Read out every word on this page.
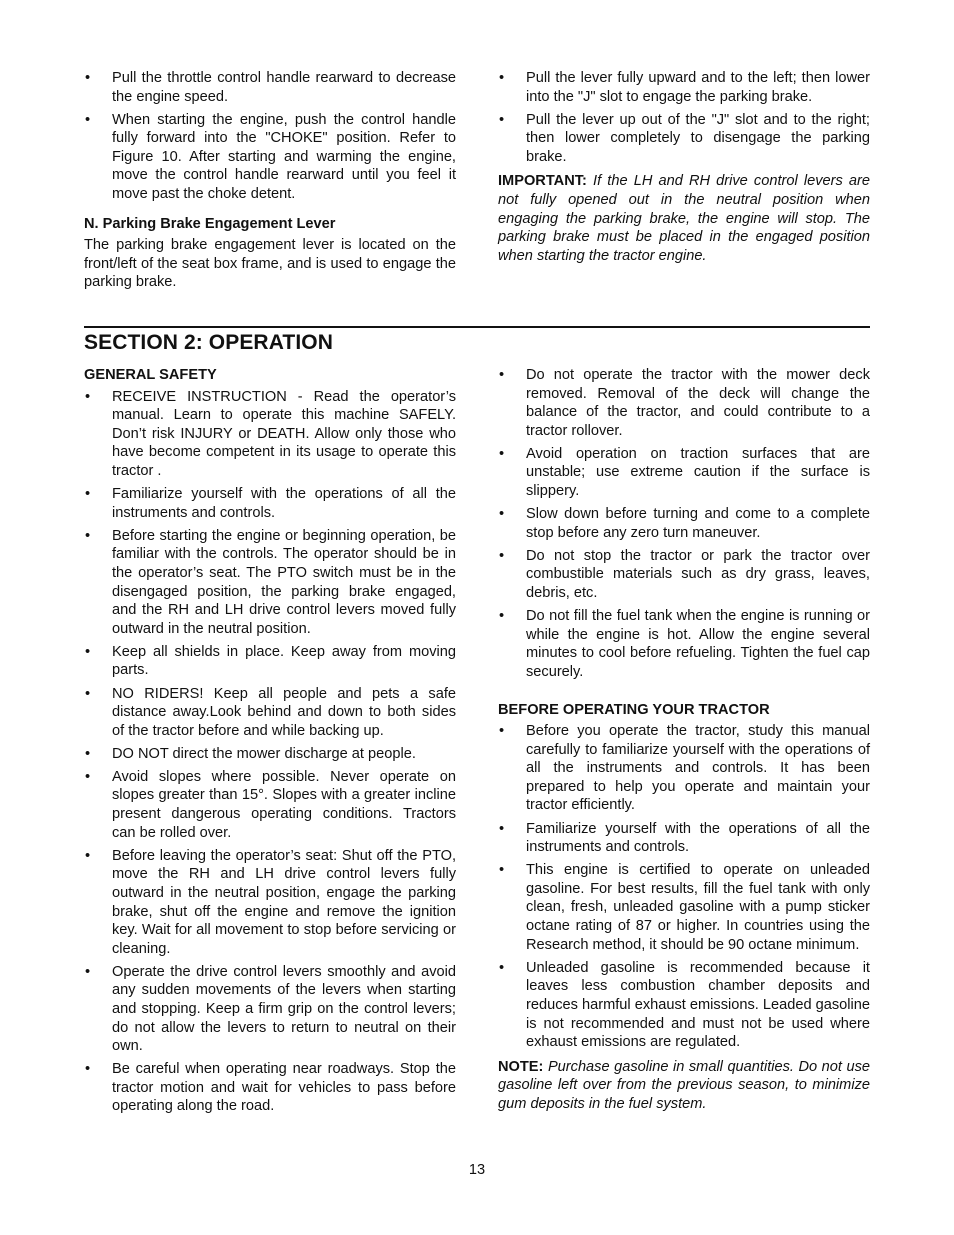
• Pull the throttle control handle rearward to decrease the engine speed.
• When starting the engine, push the control handle fully forward into the "CHOKE" position. Refer to Figure 10. After starting and warming the engine, move the control handle rearward until you feel it move past the choke detent.
N. Parking Brake Engagement Lever

The parking brake engagement lever is located on the front/left of the seat box frame, and is used to engage the parking brake.

• Pull the lever fully upward and to the left; then lower into the "J" slot to engage the parking brake.
• Pull the lever up out of the "J" slot and to the right; then lower completely to disengage the parking brake.

IMPORTANT: If the LH and RH drive control levers are not fully opened out in the neutral position when engaging the parking brake, the engine will stop. The parking brake must be placed in the engaged position when starting the tractor engine.

SECTION 2: OPERATION
GENERAL SAFETY
• RECEIVE INSTRUCTION - Read the operator’s manual. Learn to operate this machine SAFELY. Don’t risk INJURY or DEATH. Allow only those who have become competent in its usage to operate this tractor .
• Familiarize yourself with the operations of all the instruments and controls.
• Before starting the engine or beginning operation, be familiar with the controls. The operator should be in the operator’s seat. The PTO switch must be in the disengaged position, the parking brake engaged, and the RH and LH drive control levers moved fully outward in the neutral position.
• Keep all shields in place. Keep away from moving parts.
• NO RIDERS! Keep all people and pets a safe distance away.Look behind and down to both sides of the tractor before and while backing up.
• DO NOT direct the mower discharge at people.
• Avoid slopes where possible. Never operate on slopes greater than 15°. Slopes with a greater incline present dangerous operating conditions. Tractors can be rolled over.
• Before leaving the operator’s seat: Shut off the PTO, move the RH and LH drive control levers fully outward in the neutral position, engage the parking brake, shut off the engine and remove the ignition key. Wait for all movement to stop before servicing or cleaning.
• Operate the drive control levers smoothly and avoid any sudden movements of the levers when starting and stopping. Keep a firm grip on the control levers; do not allow the levers to return to neutral on their own.
• Be careful when operating near roadways. Stop the tractor motion and wait for vehicles to pass before operating along the road.
• Do not operate the tractor with the mower deck removed. Removal of the deck will change the balance of the tractor, and could contribute to a tractor rollover.
• Avoid operation on traction surfaces that are unstable; use extreme caution if the surface is slippery.
• Slow down before turning and come to a complete stop before any zero turn maneuver.
• Do not stop the tractor or park the tractor over combustible materials such as dry grass, leaves, debris, etc.
• Do not fill the fuel tank when the engine is running or while the engine is hot. Allow the engine several minutes to cool before refueling. Tighten the fuel cap securely.
BEFORE OPERATING YOUR TRACTOR
• Before you operate the tractor, study this manual carefully to familiarize yourself with the operations of all the instruments and controls. It has been prepared to help you operate and maintain your tractor efficiently.
• Familiarize yourself with the operations of all the instruments and controls.
• This engine is certified to operate on unleaded gasoline. For best results, fill the fuel tank with only clean, fresh, unleaded gasoline with a pump sticker octane rating of 87 or higher. In countries using the Research method, it should be 90 octane minimum.
• Unleaded gasoline is recommended because it leaves less combustion chamber deposits and reduces harmful exhaust emissions. Leaded gasoline is not recommended and must not be used where exhaust emissions are regulated.

NOTE: Purchase gasoline in small quantities. Do not use gasoline left over from the previous season, to minimize gum deposits in the fuel system.

13
